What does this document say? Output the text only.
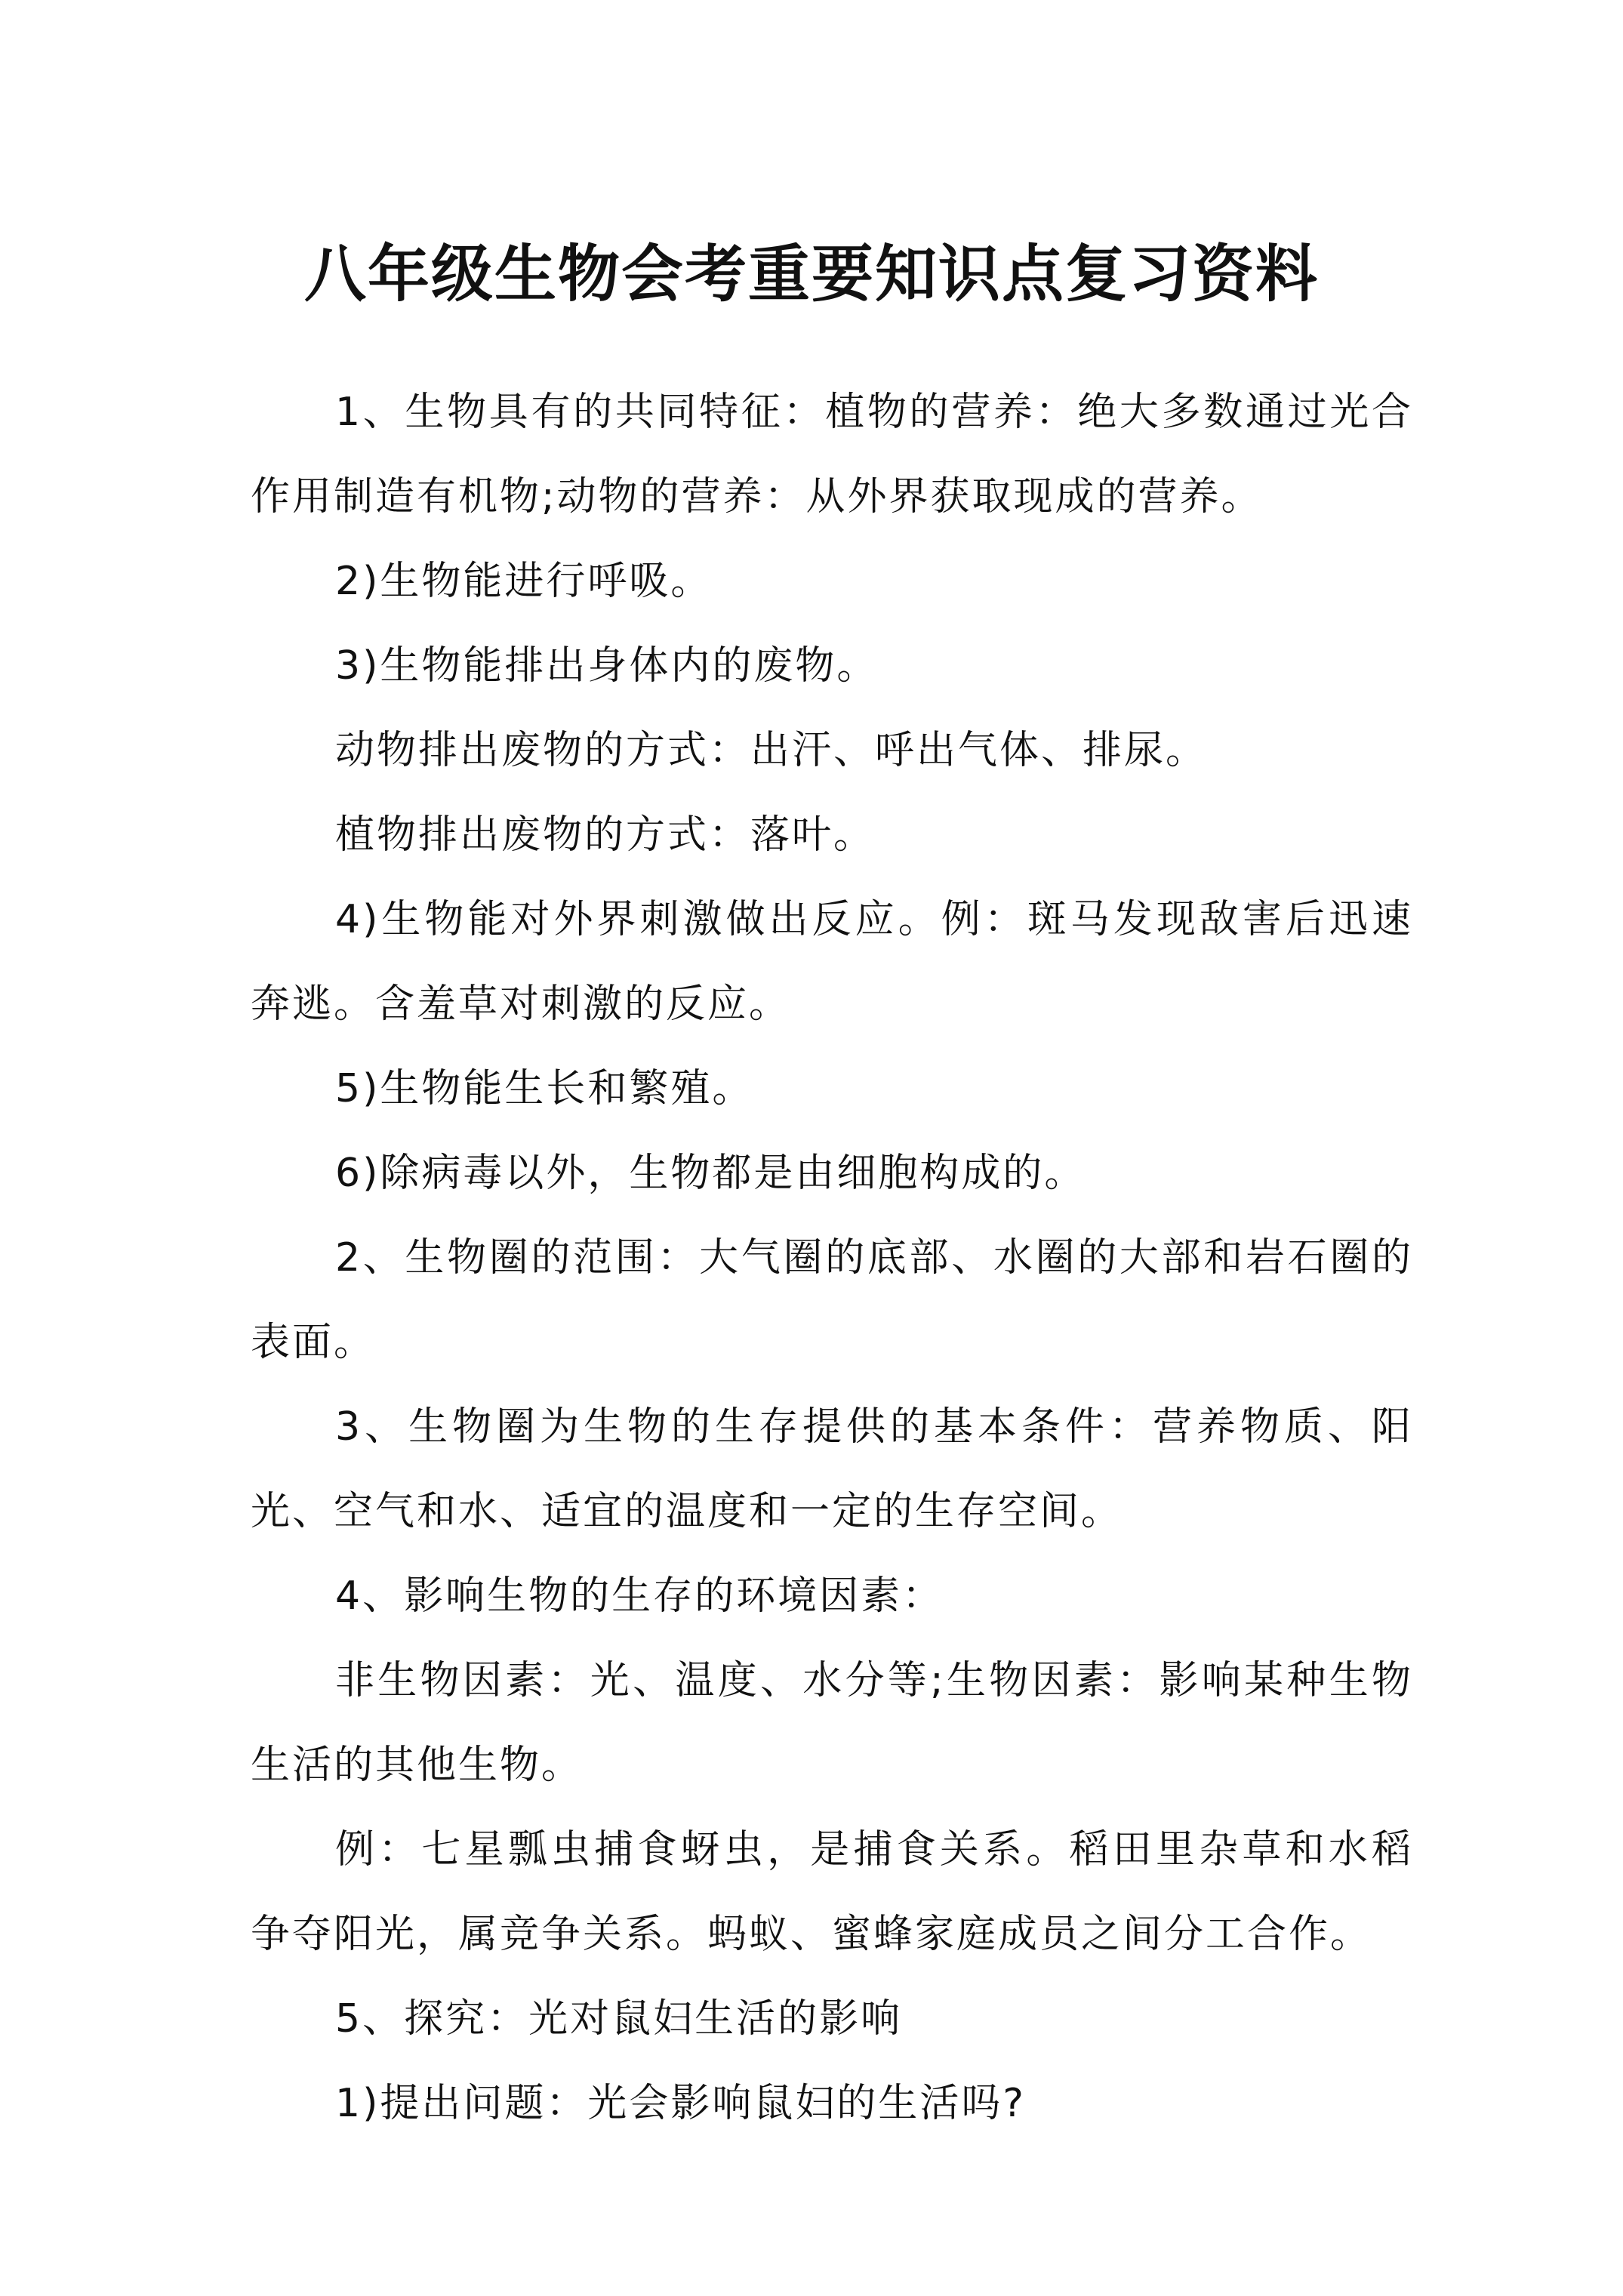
八年级生物会考重要知识点复习资料

1、生物具有的共同特征：植物的营养：绝大多数通过光合作用制造有机物;动物的营养：从外界获取现成的营养。

2)生物能进行呼吸。

3)生物能排出身体内的废物。

动物排出废物的方式：出汗、呼出气体、排尿。

植物排出废物的方式：落叶。

4)生物能对外界刺激做出反应。例：斑马发现敌害后迅速奔逃。含羞草对刺激的反应。

5)生物能生长和繁殖。

6)除病毒以外，生物都是由细胞构成的。

2、生物圈的范围：大气圈的底部、水圈的大部和岩石圈的表面。

3、生物圈为生物的生存提供的基本条件：营养物质、阳光、空气和水、适宜的温度和一定的生存空间。

4、影响生物的生存的环境因素：

非生物因素：光、温度、水分等;生物因素：影响某种生物生活的其他生物。

例：七星瓢虫捕食蚜虫，是捕食关系。稻田里杂草和水稻争夺阳光，属竞争关系。蚂蚁、蜜蜂家庭成员之间分工合作。

5、探究：光对鼠妇生活的影响

1)提出问题：光会影响鼠妇的生活吗?
